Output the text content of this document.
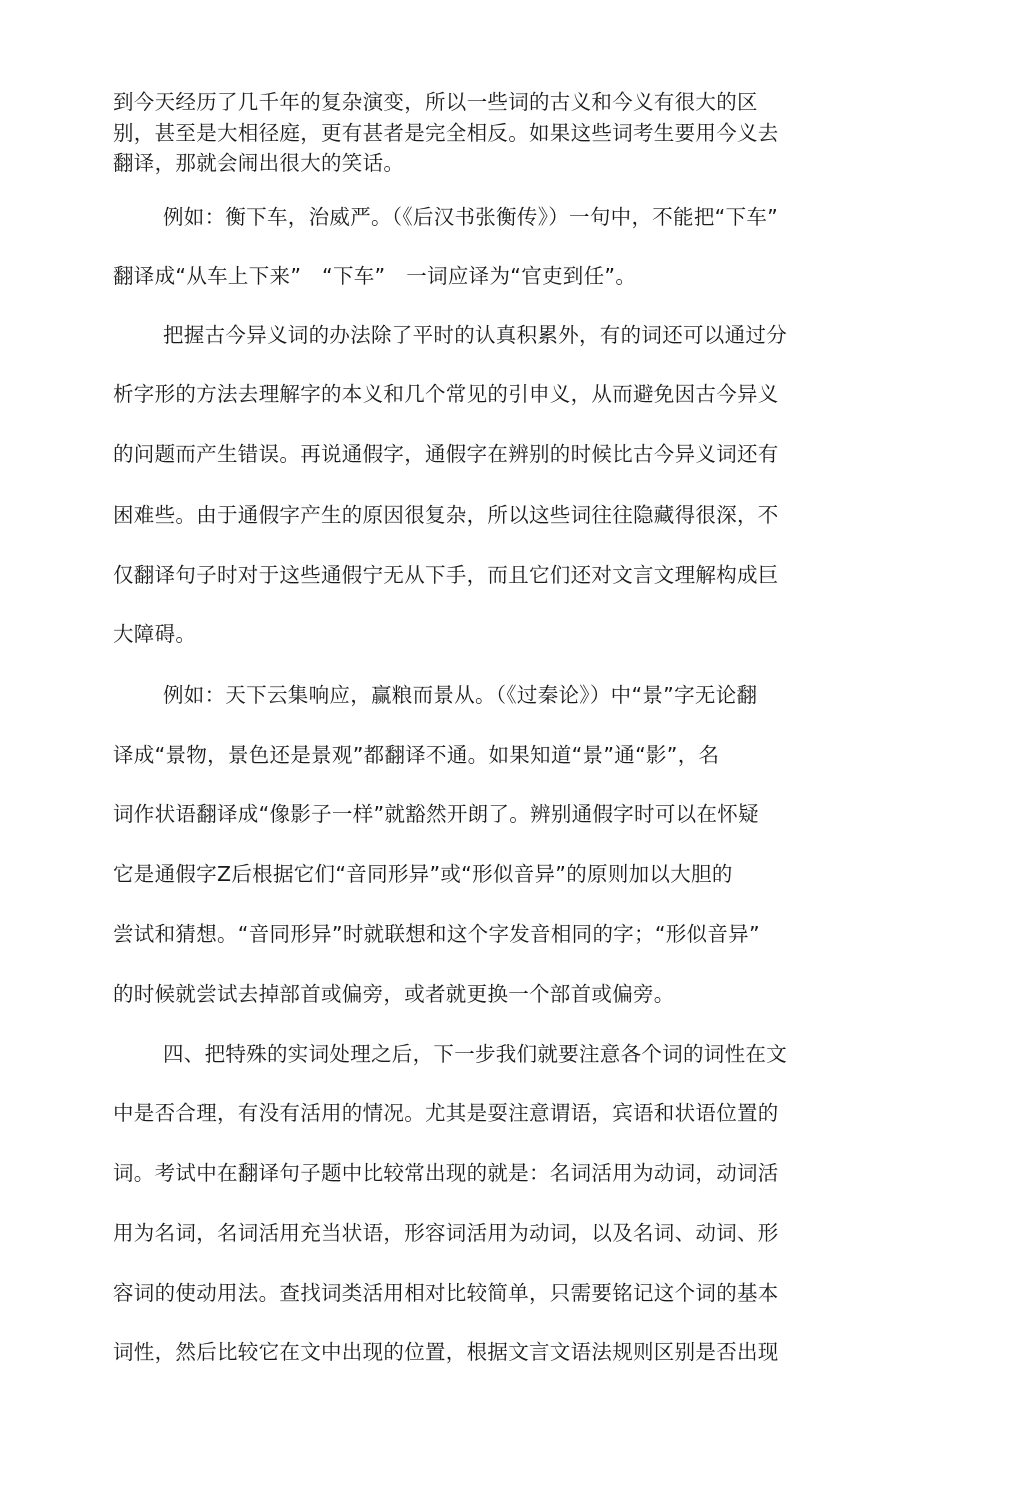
到今天经历了几千年的复杂演变，所以一些词的古义和今义有很大的区
别，甚至是大相径庭，更有甚者是完全相反。如果这些词考生要用今义去
翻译，那就会闹出很大的笑话。
例如：衡下车，治威严。（《后汉书张衡传》）一句中，不能把“下车”
翻译成“从车上下来”　“下车”　一词应译为“官吏到任”。
把握古今异义词的办法除了平时的认真积累外，有的词还可以通过分
析字形的方法去理解字的本义和几个常见的引申义，从而避免因古今异义
的问题而产生错误。再说通假字，通假字在辨别的时候比古今异义词还有
困难些。由于通假字产生的原因很复杂，所以这些词往往隐藏得很深，不
仅翻译句子时对于这些通假宁无从下手，而且它们还对文言文理解构成巨
大障碍。
例如：天下云集响应，赢粮而景从。（《过秦论》）中“景”字无论翻
译成“景物，景色还是景观”都翻译不通。如果知道“景”通“影”，名
词作状语翻译成“像影子一样”就豁然开朗了。辨别通假字时可以在怀疑
它是通假字Z后根据它们“音同形异”或“形似音异”的原则加以大胆的
尝试和猜想。“音同形异”时就联想和这个字发音相同的字；“形似音异”
的时候就尝试去掉部首或偏旁，或者就更换一个部首或偏旁。
四、把特殊的实词处理之后，下一步我们就要注意各个词的词性在文
中是否合理，有没有活用的情况。尤其是耍注意谓语，宾语和状语位置的
词。考试中在翻译句子题中比较常出现的就是：名词活用为动词，动词活
用为名词，名词活用充当状语，形容词活用为动词，以及名词、动词、形
容词的使动用法。查找词类活用相对比较简单，只需要铭记这个词的基本
词性，然后比较它在文中出现的位置，根据文言文语法规则区别是否出现
